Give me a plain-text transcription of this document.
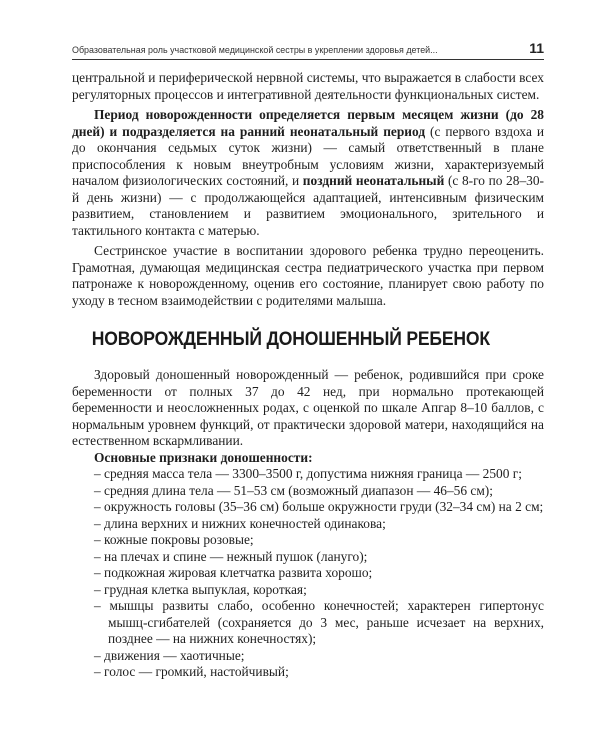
Образовательная роль участковой медицинской сестры в укреплении здоровья детей...	11

центральной и периферической нервной системы, что выражается в слабости всех регуляторных процессов и интегративной деятельности функциональных систем.

Период новорожденности определяется первым месяцем жизни (до 28 дней) и подразделяется на ранний неонатальный период (с первого вздоха и до окончания седьмых суток жизни) — самый ответственный в плане приспособления к новым внеутробным условиям жизни, характеризуемый началом физиологических состояний, и поздний неонатальный (с 8-го по 28–30-й день жизни) — с продолжающейся адаптацией, интенсивным физическим развитием, становлением и развитием эмоционального, зрительного и тактильного контакта с матерью.

Сестринское участие в воспитании здорового ребенка трудно переоценить. Грамотная, думающая медицинская сестра педиатрического участка при первом патронаже к новорожденному, оценив его состояние, планирует свою работу по уходу в тесном взаимодействии с родителями малыша.

НОВОРОЖДЕННЫЙ ДОНОШЕННЫЙ РЕБЕНОК

Здоровый доношенный новорожденный — ребенок, родившийся при сроке беременности от полных 37 до 42 нед, при нормально протекающей беременности и неосложненных родах, с оценкой по шкале Апгар 8–10 баллов, с нормальным уровнем функций, от практически здоровой матери, находящийся на естественном вскармливании.

Основные признаки доношенности:
– средняя масса тела — 3300–3500 г, допустима нижняя граница — 2500 г;
– средняя длина тела — 51–53 см (возможный диапазон — 46–56 см);
– окружность головы (35–36 см) больше окружности груди (32–34 см) на 2 см;
– длина верхних и нижних конечностей одинакова;
– кожные покровы розовые;
– на плечах и спине — нежный пушок (лануго);
– подкожная жировая клетчатка развита хорошо;
– грудная клетка выпуклая, короткая;
– мышцы развиты слабо, особенно конечностей; характерен гипертонус мышц-сгибателей (сохраняется до 3 мес, раньше исчезает на верхних, позднее — на нижних конечностях);
– движения — хаотичные;
– голос — громкий, настойчивый;
